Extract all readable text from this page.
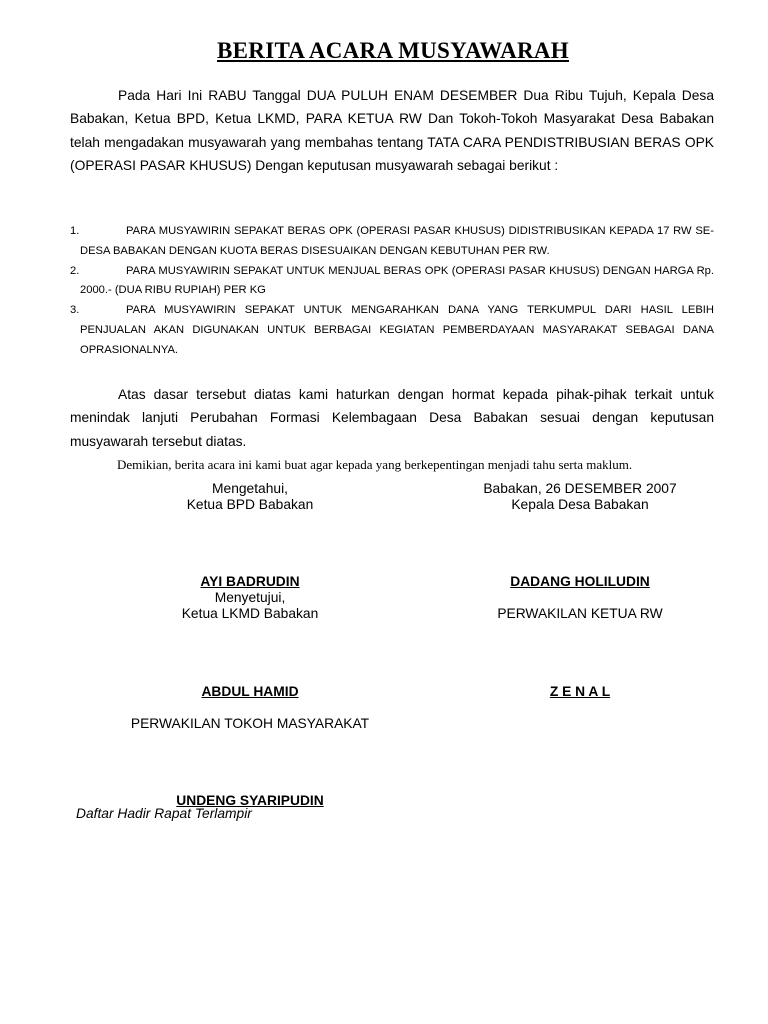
BERITA ACARA MUSYAWARAH

Pada Hari Ini RABU Tanggal DUA PULUH ENAM DESEMBER Dua Ribu Tujuh, Kepala Desa Babakan, Ketua BPD, Ketua LKMD, PARA KETUA RW Dan Tokoh-Tokoh Masyarakat Desa Babakan telah mengadakan musyawarah yang membahas tentang TATA CARA PENDISTRIBUSIAN BERAS OPK (OPERASI PASAR KHUSUS) Dengan keputusan musyawarah sebagai berikut :

1.	PARA MUSYAWIRIN SEPAKAT BERAS OPK (OPERASI PASAR KHUSUS) DIDISTRIBUSIKAN KEPADA 17 RW SE-DESA BABAKAN DENGAN KUOTA BERAS DISESUAIKAN DENGAN KEBUTUHAN PER RW.
2.	PARA MUSYAWIRIN SEPAKAT UNTUK MENJUAL BERAS OPK (OPERASI PASAR KHUSUS) DENGAN HARGA Rp. 2000.- (DUA RIBU RUPIAH) PER KG
3.	PARA MUSYAWIRIN SEPAKAT UNTUK MENGARAHKAN DANA YANG TERKUMPUL DARI HASIL LEBIH PENJUALAN AKAN DIGUNAKAN UNTUK BERBAGAI KEGIATAN PEMBERDAYAAN MASYARAKAT SEBAGAI DANA OPRASIONALNYA.

Atas dasar tersebut diatas kami haturkan dengan hormat kepada pihak-pihak terkait untuk menindak lanjuti Perubahan Formasi Kelembagaan Desa Babakan sesuai dengan keputusan musyawarah tersebut diatas.

Demikian, berita acara ini kami buat agar kepada yang berkepentingan menjadi tahu serta maklum.

Mengetahui,
Ketua BPD Babakan
AYI BADRUDIN
Babakan, 26 DESEMBER 2007
Kepala Desa Babakan
DADANG HOLILUDIN
Menyetujui,
Ketua LKMD Babakan
ABDUL HAMID
PERWAKILAN KETUA RW
Z E N A L
PERWAKILAN TOKOH MASYARAKAT
UNDENG SYARIPUDIN
Daftar Hadir Rapat Terlampir
